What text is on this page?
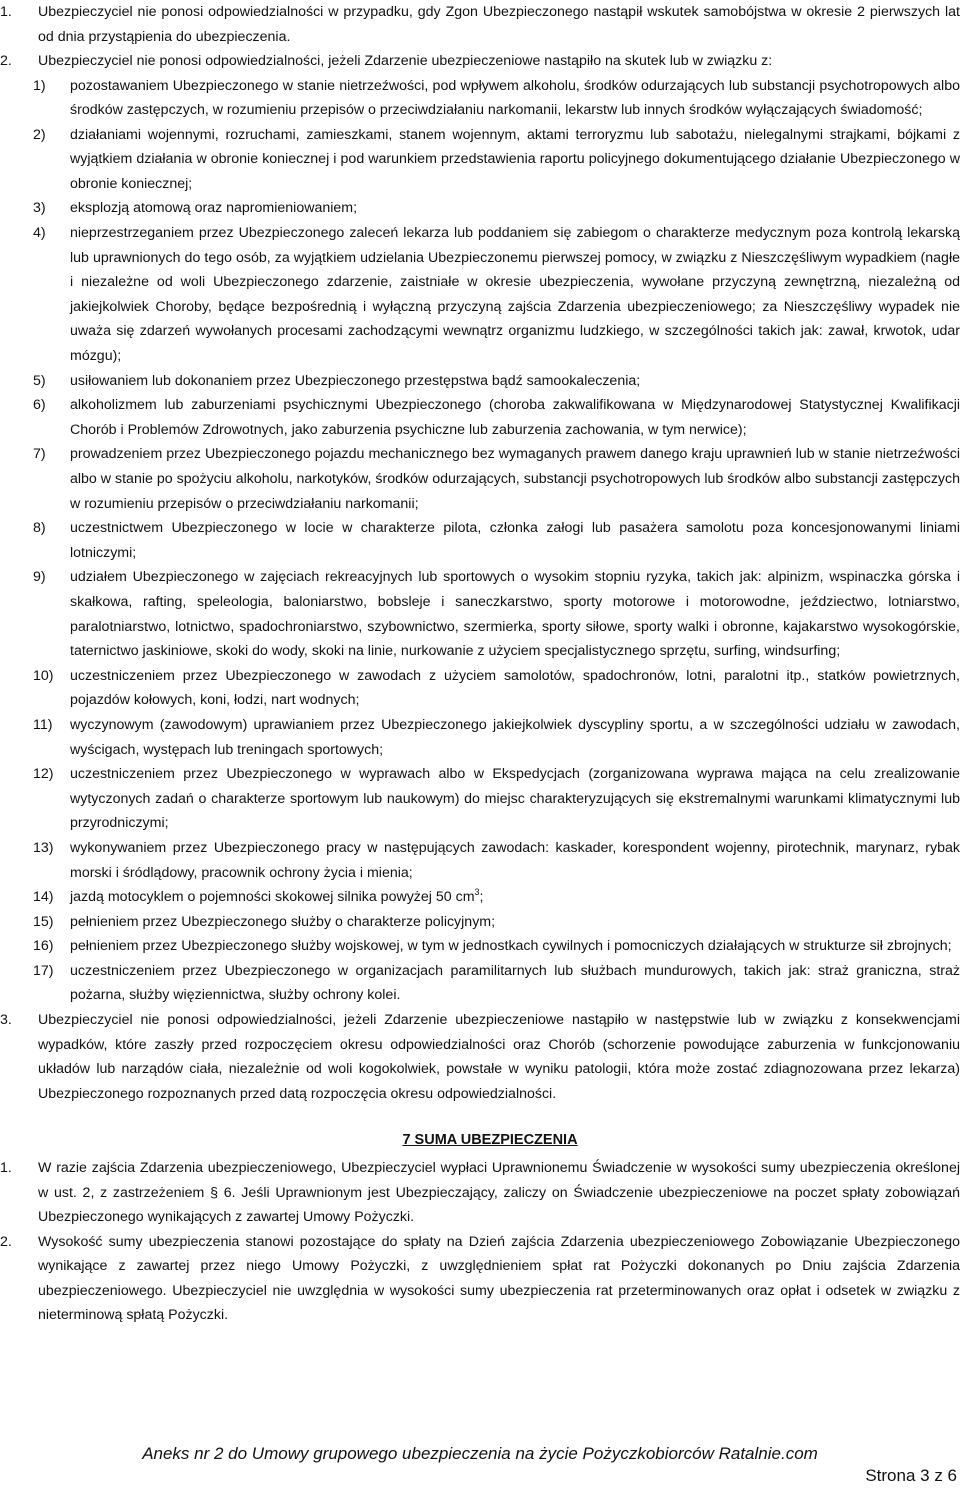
1.	Ubezpieczyciel nie ponosi odpowiedzialności w przypadku, gdy Zgon Ubezpieczonego nastąpił wskutek samobójstwa w okresie 2 pierwszych lat od dnia przystąpienia do ubezpieczenia.

2.	Ubezpieczyciel nie ponosi odpowiedzialności, jeżeli Zdarzenie ubezpieczeniowe nastąpiło na skutek lub w związku z:

1)	pozostawaniem Ubezpieczonego w stanie nietrzeźwości, pod wpływem alkoholu, środków odurzających lub substancji psychotropowych albo środków zastępczych, w rozumieniu przepisów o przeciwdziałaniu narkomanii, lekarstw lub innych środków wyłączających świadomość;

2)	działaniami wojennymi, rozruchami, zamieszkami, stanem wojennym, aktami terroryzmu lub sabotażu, nielegalnymi strajkami, bójkami z wyjątkiem działania w obronie koniecznej i pod warunkiem przedstawienia raportu policyjnego dokumentującego działanie Ubezpieczonego w obronie koniecznej;

3)	eksplozją atomową oraz napromieniowaniem;

4)	nieprzestrzeganiem przez Ubezpieczonego zaleceń lekarza lub poddaniem się zabiegom o charakterze medycznym poza kontrolą lekarską lub uprawnionych do tego osób, za wyjątkiem udzielania Ubezpieczonemu pierwszej pomocy, w związku z Nieszczęśliwym wypadkiem (nagłe i niezależne od woli Ubezpieczonego zdarzenie, zaistniałe w okresie ubezpieczenia, wywołane przyczyną zewnętrzną, niezależną od jakiejkolwiek Choroby, będące bezpośrednią i wyłączną przyczyną zajścia Zdarzenia ubezpieczeniowego; za Nieszczęśliwy wypadek nie uważa się zdarzeń wywołanych procesami zachodzącymi wewnątrz organizmu ludzkiego, w szczególności takich jak: zawał, krwotok, udar mózgu);

5)	usiłowaniem lub dokonaniem przez Ubezpieczonego przestępstwa bądź samookaleczenia;

6)	alkoholizmem lub zaburzeniami psychicznymi Ubezpieczonego (choroba zakwalifikowana w Międzynarodowej Statystycznej Kwalifikacji Chorób i Problemów Zdrowotnych, jako zaburzenia psychiczne lub zaburzenia zachowania, w tym nerwice);

7)	prowadzeniem przez Ubezpieczonego pojazdu mechanicznego bez wymaganych prawem danego kraju uprawnień lub w stanie nietrzeźwości albo w stanie po spożyciu alkoholu, narkotyków, środków odurzających, substancji psychotropowych lub środków albo substancji zastępczych w rozumieniu przepisów o przeciwdziałaniu narkomanii;

8)	uczestnictwem Ubezpieczonego w locie w charakterze pilota, członka załogi lub pasażera samolotu poza koncesjonowanymi liniami lotniczymi;

9)	udziałem Ubezpieczonego w zajęciach rekreacyjnych lub sportowych o wysokim stopniu ryzyka, takich jak: alpinizm, wspinaczka górska i skałkowa, rafting, speleologia, baloniarstwo, bobsleje i saneczkarstwo, sporty motorowe i motorowodne, jeździectwo, lotniarstwo, paralotniarstwo, lotnictwo, spadochroniarstwo, szybownictwo, szermierka, sporty siłowe, sporty walki i obronne, kajakarstwo wysokogórskie, taternictwo jaskiniowe, skoki do wody, skoki na linie, nurkowanie z użyciem specjalistycznego sprzętu, surfing, windsurfing;

10)	uczestniczeniem przez Ubezpieczonego w zawodach z użyciem samolotów, spadochronów, lotni, paralotni itp., statków powietrznych, pojazdów kołowych, koni, łodzi, nart wodnych;

11)	wyczynowym (zawodowym) uprawianiem przez Ubezpieczonego jakiejkolwiek dyscypliny sportu, a w szczególności udziału w zawodach, wyścigach, występach lub treningach sportowych;

12)	uczestniczeniem przez Ubezpieczonego w wyprawach albo w Ekspedycjach (zorganizowana wyprawa mająca na celu zrealizowanie wytyczonych zadań o charakterze sportowym lub naukowym) do miejsc charakteryzujących się ekstremalnymi warunkami klimatycznymi lub przyrodniczymi;

13)	wykonywaniem przez Ubezpieczonego pracy w następujących zawodach: kaskader, korespondent wojenny, pirotechnik, marynarz, rybak morski i śródlądowy, pracownik ochrony życia i mienia;

14)	jazdą motocyklem o pojemności skokowej silnika powyżej 50 $cm^3$;

15)	pełnieniem przez Ubezpieczonego służby o charakterze policyjnym;

16)	pełnieniem przez Ubezpieczonego służby wojskowej, w tym w jednostkach cywilnych i pomocniczych działających w strukturze sił zbrojnych;

17)	uczestniczeniem przez Ubezpieczonego w organizacjach paramilitarnych lub służbach mundurowych, takich jak: straż graniczna, straż pożarna, służby więziennictwa, służby ochrony kolei.

3.	Ubezpieczyciel nie ponosi odpowiedzialności, jeżeli Zdarzenie ubezpieczeniowe nastąpiło w następstwie lub w związku z konsekwencjami wypadków, które zaszły przed rozpoczęciem okresu odpowiedzialności oraz Chorób (schorzenie powodujące zaburzenia w funkcjonowaniu układów lub narządów ciała, niezależnie od woli kogokolwiek, powstałe w wyniku patologii, która może zostać zdiagnozowana przez lekarza) Ubezpieczonego rozpoznanych przed datą rozpoczęcia okresu odpowiedzialności.

7 SUMA UBEZPIECZENIA
1.	W razie zajścia Zdarzenia ubezpieczeniowego, Ubezpieczyciel wypłaci Uprawnionemu Świadczenie w wysokości sumy ubezpieczenia określonej w ust. 2, z zastrzeżeniem § 6. Jeśli Uprawnionym jest Ubezpieczający, zaliczy on Świadczenie ubezpieczeniowe na poczet spłaty zobowiązań Ubezpieczonego wynikających z zawartej Umowy Pożyczki.

2.	Wysokość sumy ubezpieczenia stanowi pozostające do spłaty na Dzień zajścia Zdarzenia ubezpieczeniowego Zobowiązanie Ubezpieczonego wynikające z zawartej przez niego Umowy Pożyczki, z uwzględnieniem spłat rat Pożyczki dokonanych po Dniu zajścia Zdarzenia ubezpieczeniowego. Ubezpieczyciel nie uwzględnia w wysokości sumy ubezpieczenia rat przeterminowanych oraz opłat i odsetek w związku z nieterminową spłatą Pożyczki.

Aneks nr 2 do Umowy grupowego ubezpieczenia na życie Pożyczkobiorców Ratalnie.com
Strona 3 z 6
